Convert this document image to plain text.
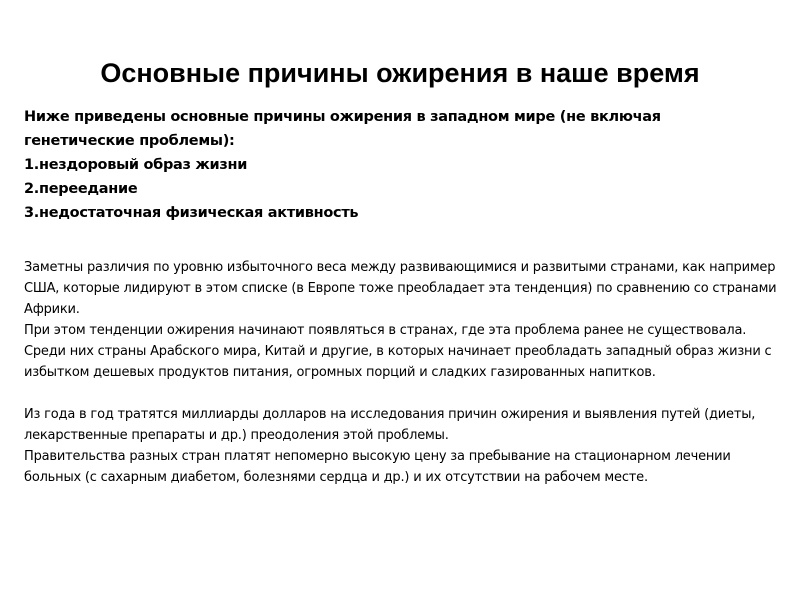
Основные причины ожирения в наше время

Ниже приведены основные причины ожирения в западном мире (не включая генетические проблемы):

1.нездоровый образ жизни
2.переедание
3.недостаточная физическая активность

Заметны различия по уровню избыточного веса между развивающимися и развитыми странами, как например США, которые лидируют в этом списке (в Европе тоже преобладает эта тенденция) по сравнению со странами Африки.

При этом тенденции ожирения начинают появляться в странах, где эта проблема ранее не существовала. Среди них страны Арабского мира, Китай и другие, в которых начинает преобладать западный образ жизни с избытком дешевых продуктов питания, огромных порций и сладких газированных напитков.

Из года в год тратятся миллиарды долларов на исследования причин ожирения и выявления путей (диеты, лекарственные препараты и др.) преодоления этой проблемы.

Правительства разных стран платят непомерно высокую цену за пребывание на стационарном лечении больных (с сахарным диабетом, болезнями сердца и др.) и их отсутствии на рабочем месте.
